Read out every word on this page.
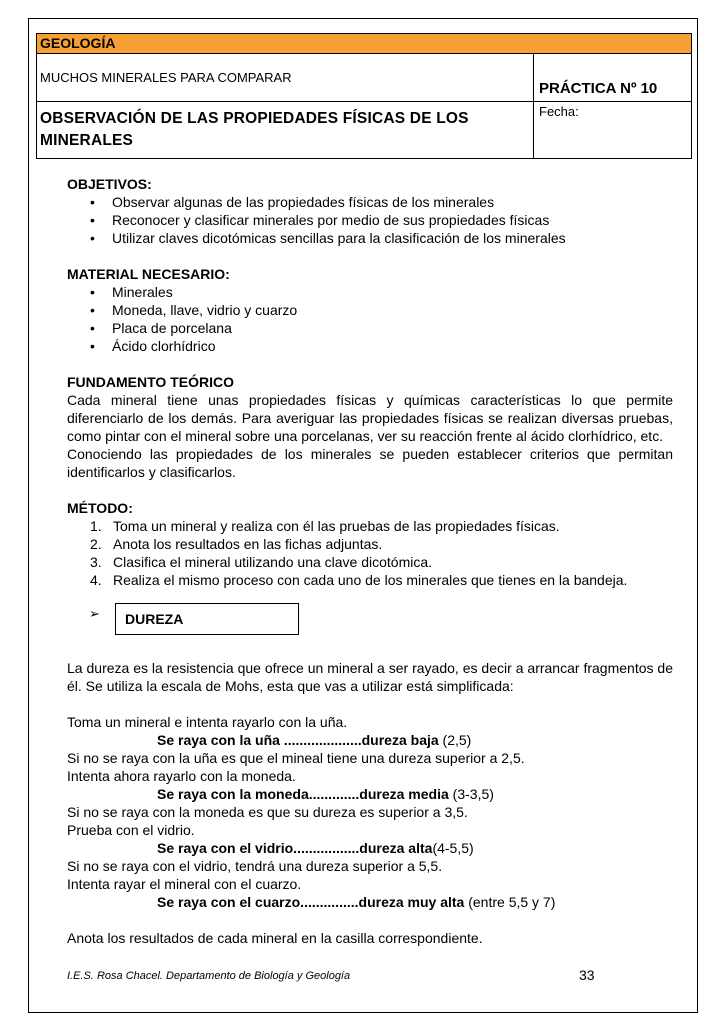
GEOLOGÍA
MUCHOS MINERALES PARA COMPARAR
PRÁCTICA Nº 10
OBSERVACIÓN DE LAS PROPIEDADES FÍSICAS DE LOS MINERALES
Fecha:
OBJETIVOS:
• Observar algunas de las propiedades físicas de los minerales
• Reconocer y clasificar minerales por medio de sus propiedades físicas
• Utilizar claves dicotómicas sencillas para la clasificación de los minerales
MATERIAL NECESARIO:
• Minerales
• Moneda, llave, vidrio y cuarzo
• Placa de porcelana
• Ácido clorhídrico
FUNDAMENTO TEÓRICO
Cada mineral tiene unas propiedades físicas y químicas características lo que permite diferenciarlo de los demás. Para averiguar las propiedades físicas se realizan diversas pruebas, como pintar con el mineral sobre una porcelanas, ver su reacción frente al ácido clorhídrico, etc.
Conociendo las propiedades de los minerales se pueden establecer criterios que permitan identificarlos y clasificarlos.
MÉTODO:
1. Toma un mineral y realiza con él las pruebas de las propiedades físicas.
2. Anota los resultados en las fichas adjuntas.
3. Clasifica el mineral utilizando una clave dicotómica.
4. Realiza el mismo proceso con cada uno de los minerales que tienes en la bandeja.
➢	DUREZA
La dureza es la resistencia que ofrece un mineral a ser rayado, es decir a arrancar fragmentos de él. Se utiliza la escala de Mohs, esta que vas a utilizar está simplificada:
Toma un mineral e intenta rayarlo con la uña.
Se raya con la uña ....................dureza baja (2,5)
Si no se raya con la uña es que el mineal tiene una dureza superior a 2,5.
Intenta ahora rayarlo con la moneda.
Se raya con la moneda.............dureza media (3-3,5)
Si no se raya con la moneda es que su dureza es superior a 3,5.
Prueba con el vidrio.
Se raya con el vidrio.................dureza alta(4-5,5)
Si no se raya con el vidrio, tendrá una dureza superior a 5,5.
Intenta rayar el mineral con el cuarzo.
Se raya con el cuarzo...............dureza muy alta (entre 5,5 y 7)
Anota los resultados de cada mineral en la casilla correspondiente.
I.E.S. Rosa Chacel. Departamento de Biología y Geología	33
